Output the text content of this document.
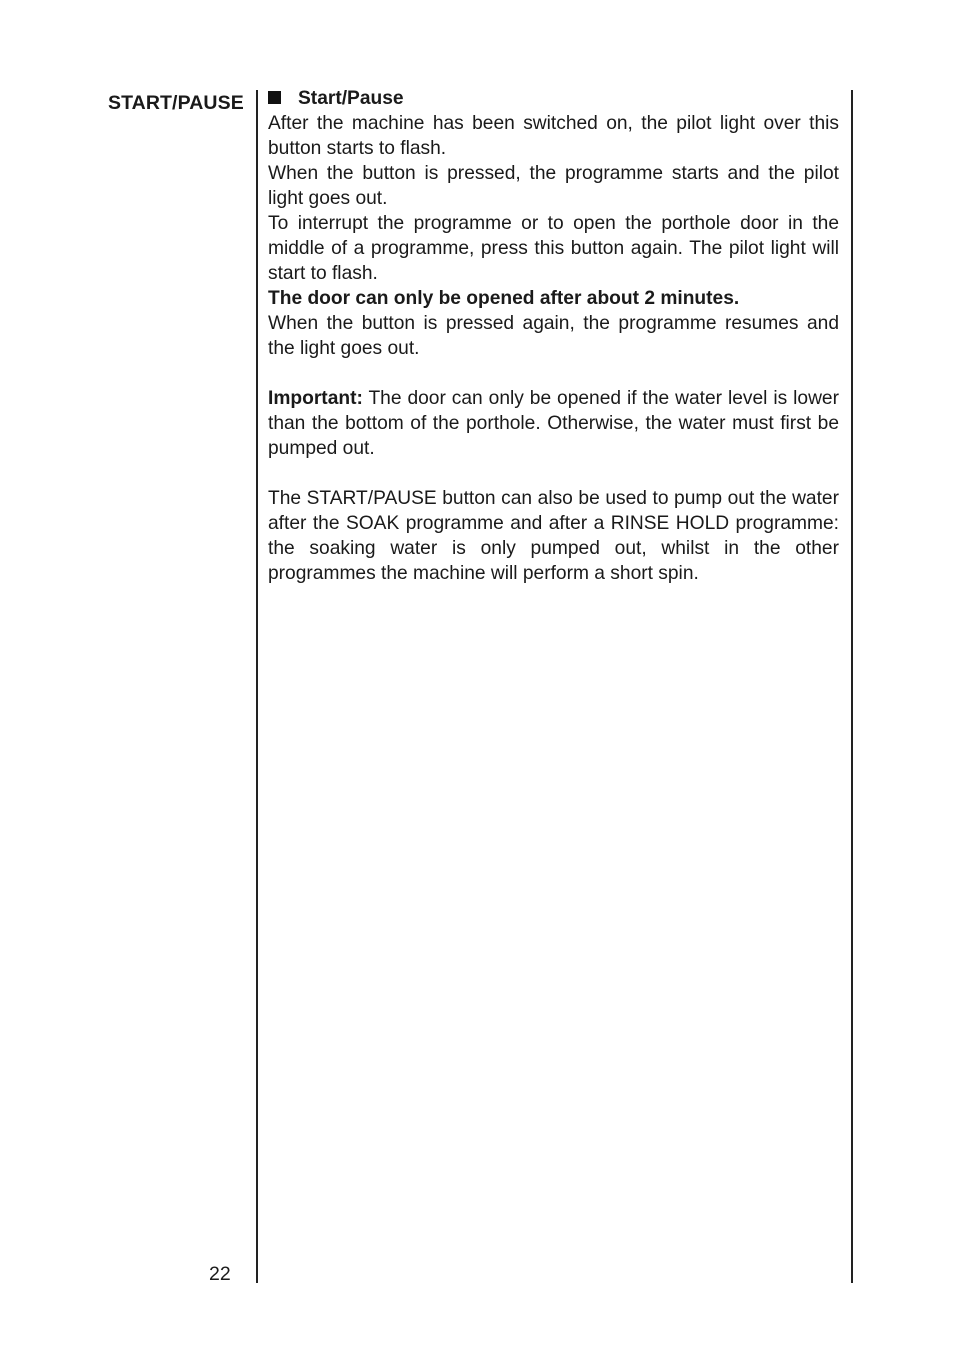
START/PAUSE	Start/Pause

After the machine has been switched on, the pilot light over this button starts to flash.

When the button is pressed, the programme starts and the pilot light goes out.

To interrupt the programme or to open the porthole door in the middle of a programme, press this button again. The pilot light will start to flash.

The door can only be opened after about 2 minutes.

When the button is pressed again, the programme resumes and the light goes out.

Important: The door can only be opened if the water level is lower than the bottom of the porthole. Otherwise, the water must first be pumped out.

The START/PAUSE button can also be used to pump out the water after the SOAK programme and after a RINSE HOLD programme: the soaking water is only pumped out, whilst in the other programmes the machine will perform a short spin.

22
